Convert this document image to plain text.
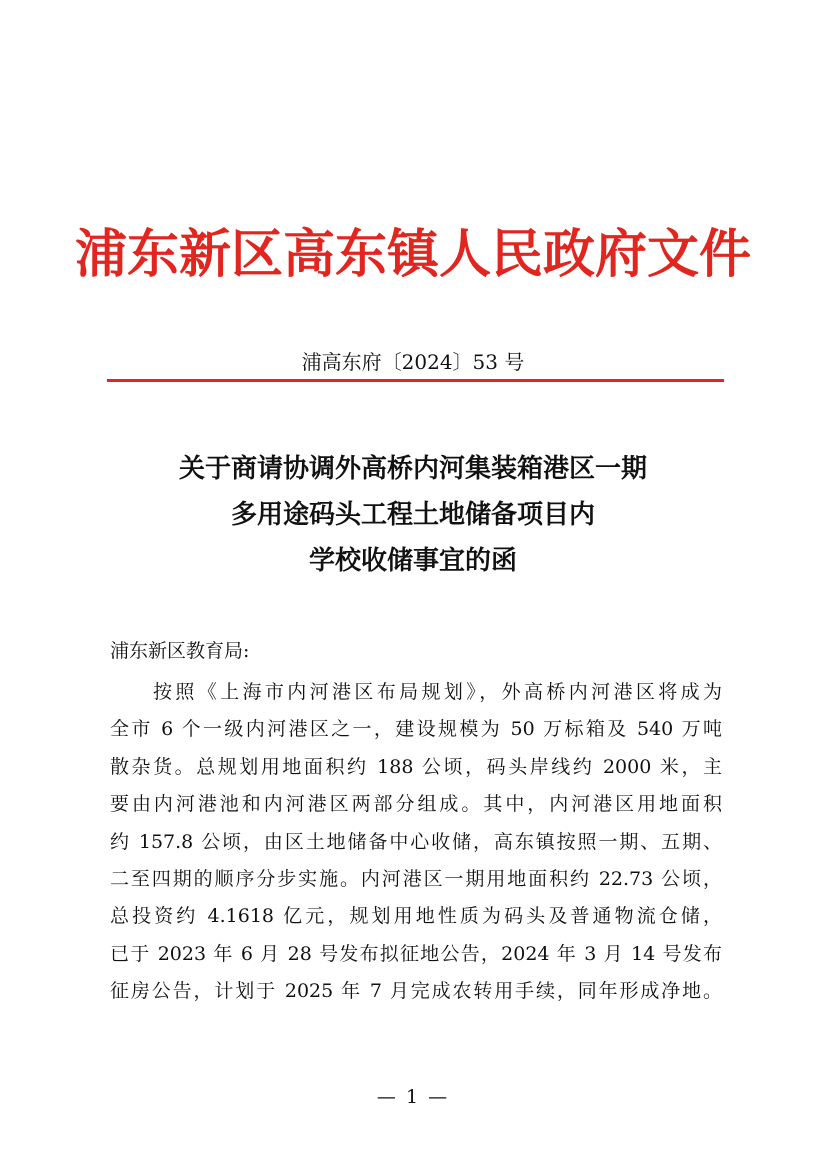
浦东新区高东镇人民政府文件
浦高东府〔2024〕53 号
关于商请协调外高桥内河集装箱港区一期
多用途码头工程土地储备项目内
学校收储事宜的函
浦东新区教育局:
按照《上海市内河港区布局规划》，外高桥内河港区将成为
全市 6 个一级内河港区之一，建设规模为 50 万标箱及 540 万吨
散杂货。总规划用地面积约 188 公顷，码头岸线约 2000 米，主
要由内河港池和内河港区两部分组成。其中，内河港区用地面积
约 157.8 公顷，由区土地储备中心收储，高东镇按照一期、五期、
二至四期的顺序分步实施。内河港区一期用地面积约 22.73 公顷，
总投资约 4.1618 亿元，规划用地性质为码头及普通物流仓储，
已于 2023 年 6 月 28 号发布拟征地公告，2024 年 3 月 14 号发布
征房公告，计划于 2025 年 7 月完成农转用手续，同年形成净地。
— 1 —
